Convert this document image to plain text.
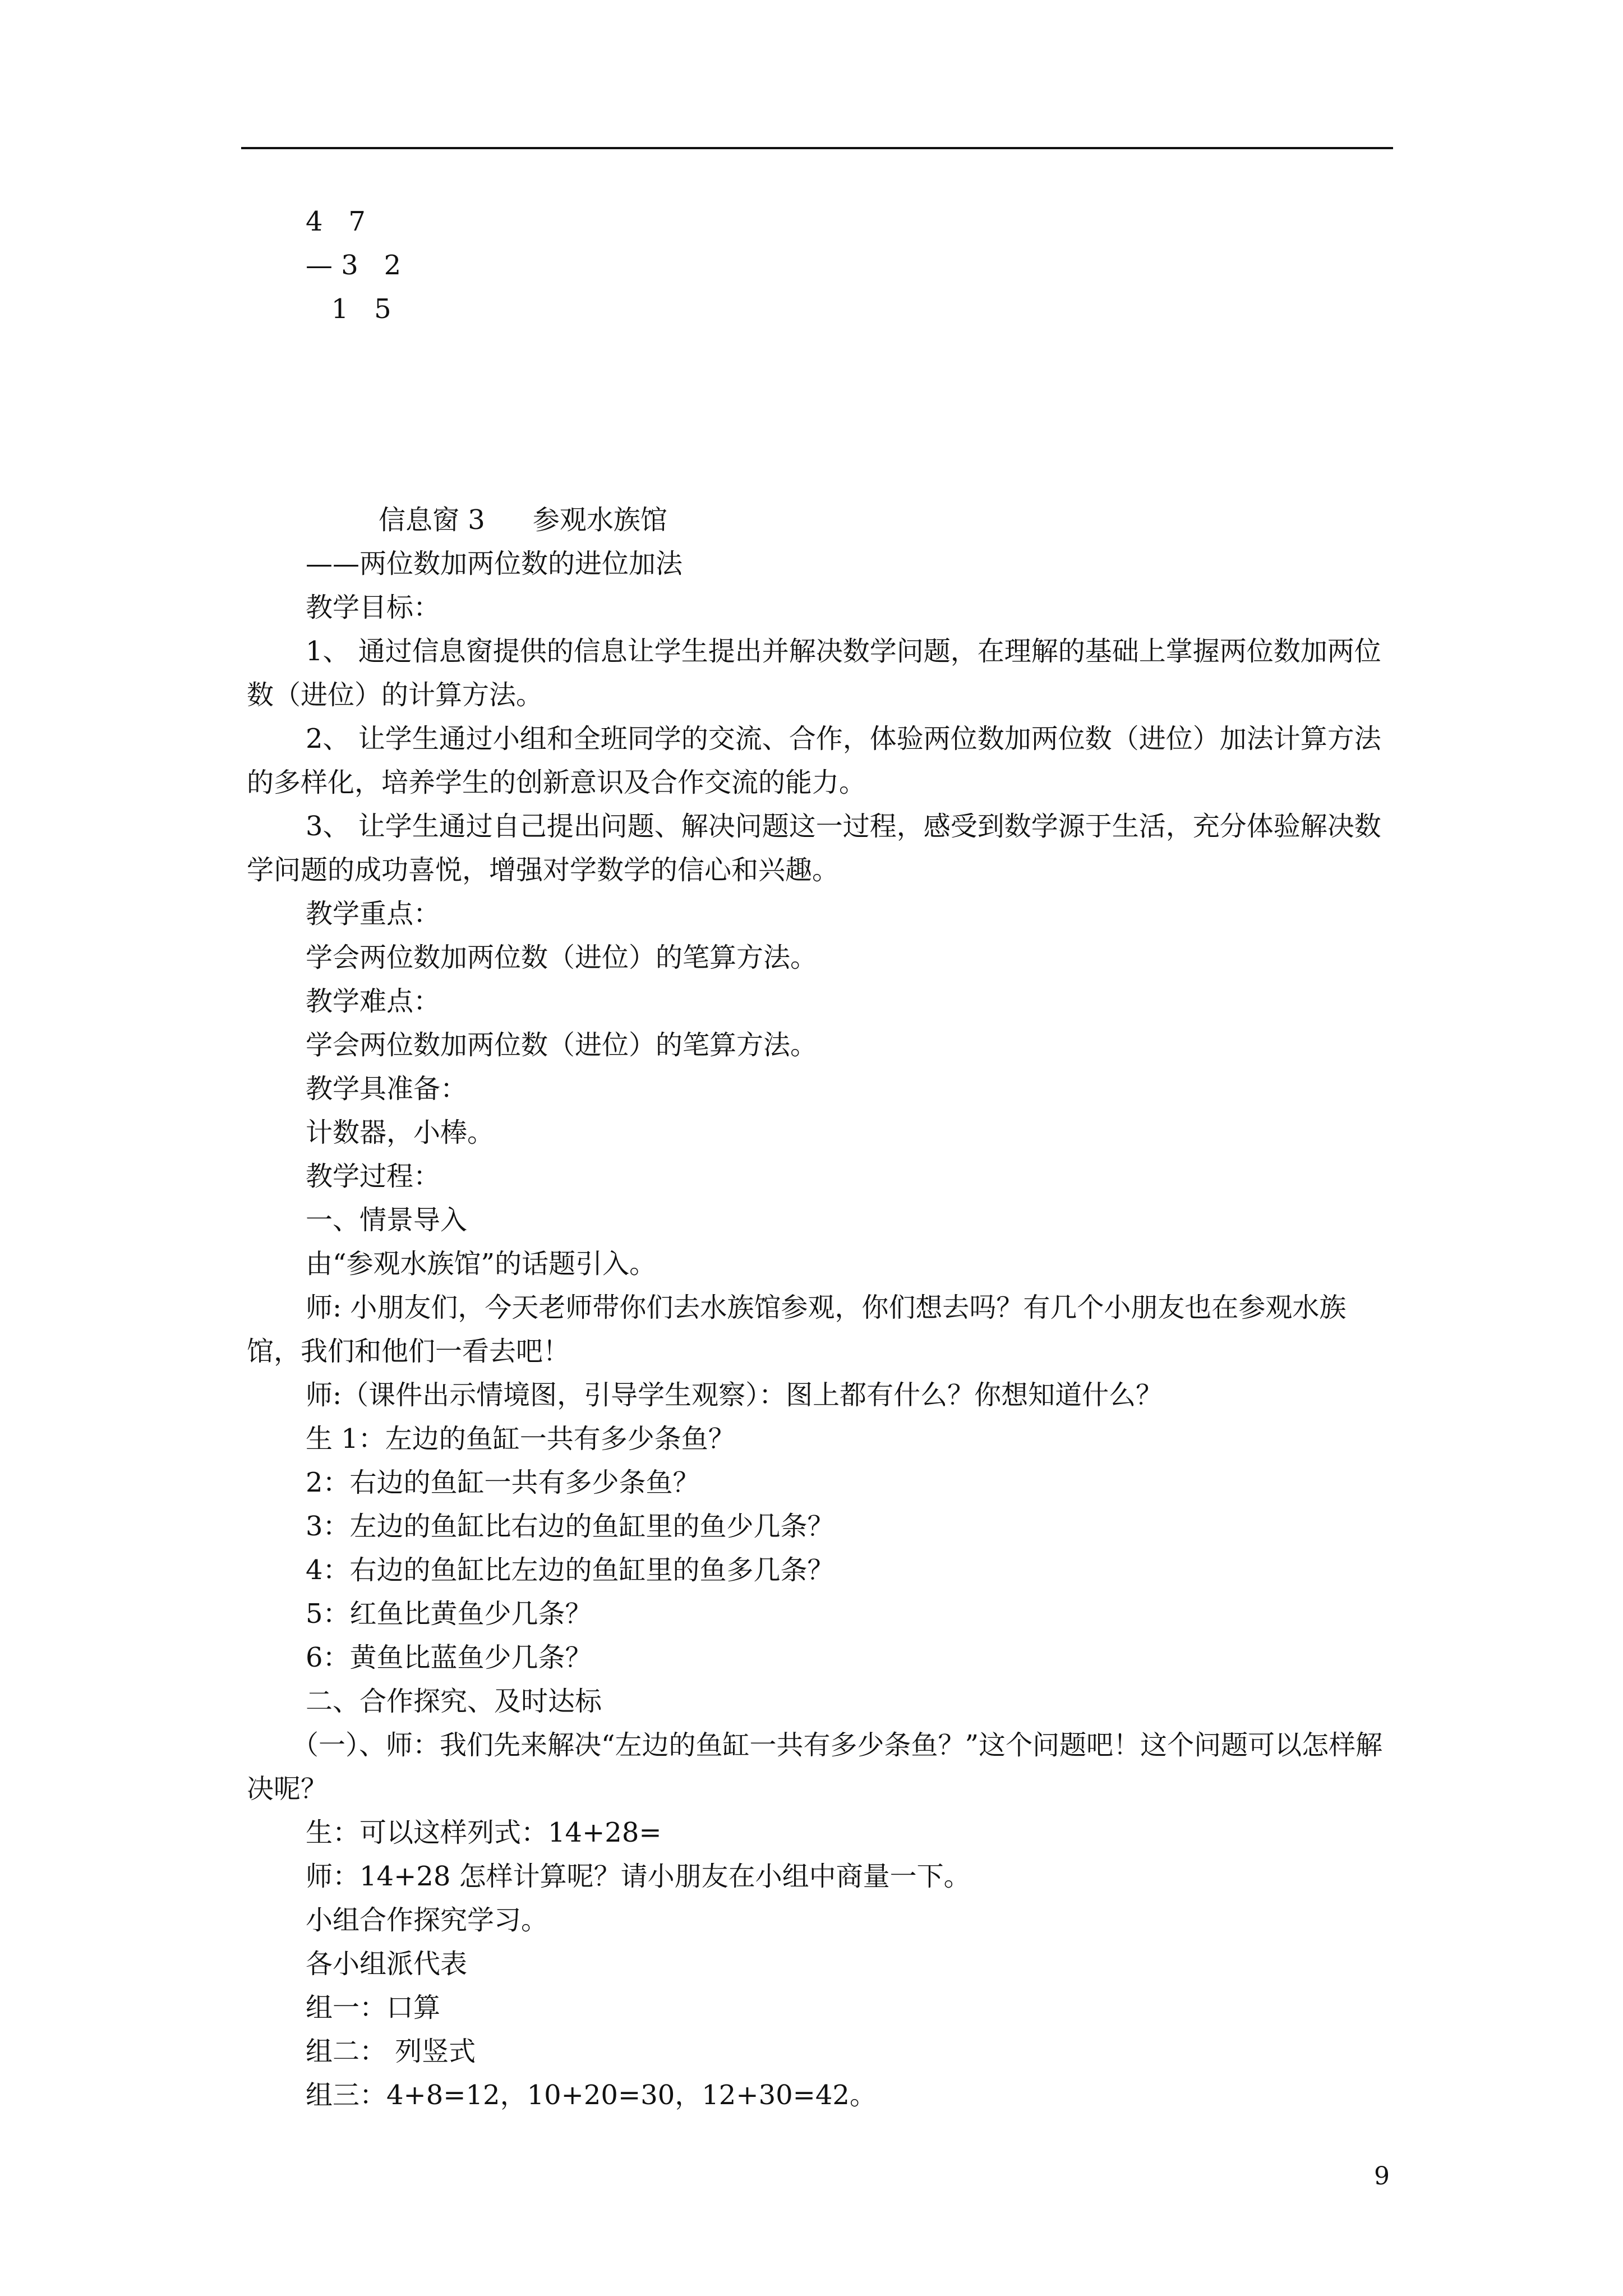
4   7
— 3   2
1   5

信息窗 3 参观水族馆

——两位数加两位数的进位加法

教学目标：

1、 通过信息窗提供的信息让学生提出并解决数学问题，在理解的基础上掌握两位数加两位数（进位）的计算方法。

2、 让学生通过小组和全班同学的交流、合作，体验两位数加两位数（进位）加法计算方法的多样化，培养学生的创新意识及合作交流的能力。

3、 让学生通过自己提出问题、解决问题这一过程，感受到数学源于生活，充分体验解决数学问题的成功喜悦，增强对学数学的信心和兴趣。

教学重点：

学会两位数加两位数（进位）的笔算方法。

教学难点：

学会两位数加两位数（进位）的笔算方法。

教学具准备：

计数器，小棒。

教学过程：

一、情景导入

由“参观水族馆”的话题引入。

师: 小朋友们，今天老师带你们去水族馆参观，你们想去吗？有几个小朋友也在参观水族馆，我们和他们一看去吧！

师:（课件出示情境图，引导学生观察）：图上都有什么？你想知道什么？

生 1：左边的鱼缸一共有多少条鱼？

2：右边的鱼缸一共有多少条鱼？

3：左边的鱼缸比右边的鱼缸里的鱼少几条？

4：右边的鱼缸比左边的鱼缸里的鱼多几条？

5：红鱼比黄鱼少几条？

6：黄鱼比蓝鱼少几条？

二、合作探究、及时达标

（一）、师：我们先来解决“左边的鱼缸一共有多少条鱼？”这个问题吧！这个问题可以怎样解决呢？

生：可以这样列式：14+28=

师：14+28 怎样计算呢？请小朋友在小组中商量一下。

小组合作探究学习。

各小组派代表

组一：口算

组二： 列竖式

组三：4+8=12，10+20=30，12+30=42。

9
